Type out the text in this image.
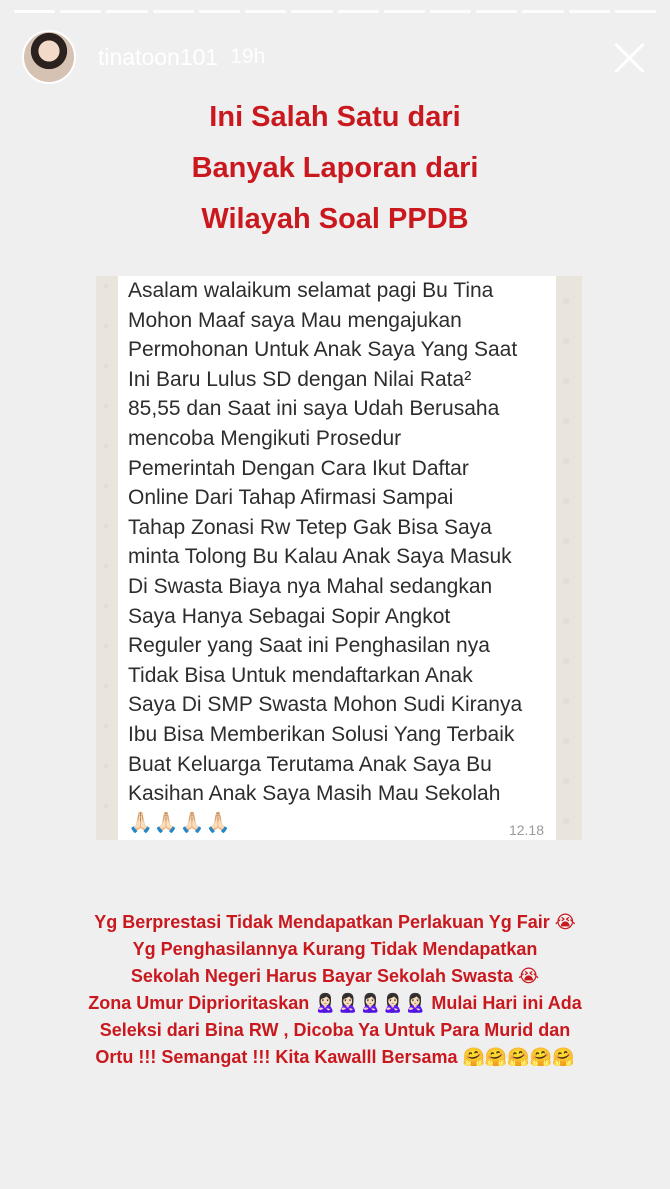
tinatoon101 19h
Ini Salah Satu dari
Banyak Laporan dari
Wilayah Soal PPDB
Asalam walaikum selamat pagi Bu Tina
Mohon Maaf saya Mau mengajukan
Permohonan Untuk Anak Saya Yang Saat
Ini Baru Lulus SD dengan Nilai Rata²
85,55 dan Saat ini saya Udah Berusaha
mencoba Mengikuti Prosedur
Pemerintah Dengan Cara Ikut Daftar
Online Dari Tahap Afirmasi Sampai
Tahap Zonasi Rw Tetep Gak Bisa Saya
minta Tolong Bu Kalau Anak Saya Masuk
Di Swasta Biaya nya Mahal sedangkan
Saya Hanya Sebagai Sopir Angkot
Reguler yang Saat ini Penghasilan nya
Tidak Bisa Untuk mendaftarkan Anak
Saya Di SMP Swasta Mohon Sudi Kiranya
Ibu Bisa Memberikan Solusi Yang Terbaik
Buat Keluarga Terutama Anak Saya Bu
Kasihan Anak Saya Masih Mau Sekolah
🙏🏻🙏🏻🙏🏻🙏🏻	12.18
Yg Berprestasi Tidak Mendapatkan Perlakuan Yg Fair 😭
Yg Penghasilannya Kurang Tidak Mendapatkan
Sekolah Negeri Harus Bayar Sekolah Swasta 😭
Zona Umur Diprioritaskan 🙎🏻‍♀️🙎🏻‍♀️🙎🏻‍♀️🙎🏻‍♀️🙎🏻‍♀️ Mulai Hari ini Ada
Seleksi dari Bina RW , Dicoba Ya Untuk Para Murid dan
Ortu !!! Semangat !!! Kita Kawalll Bersama 🤗🤗🤗🤗🤗
